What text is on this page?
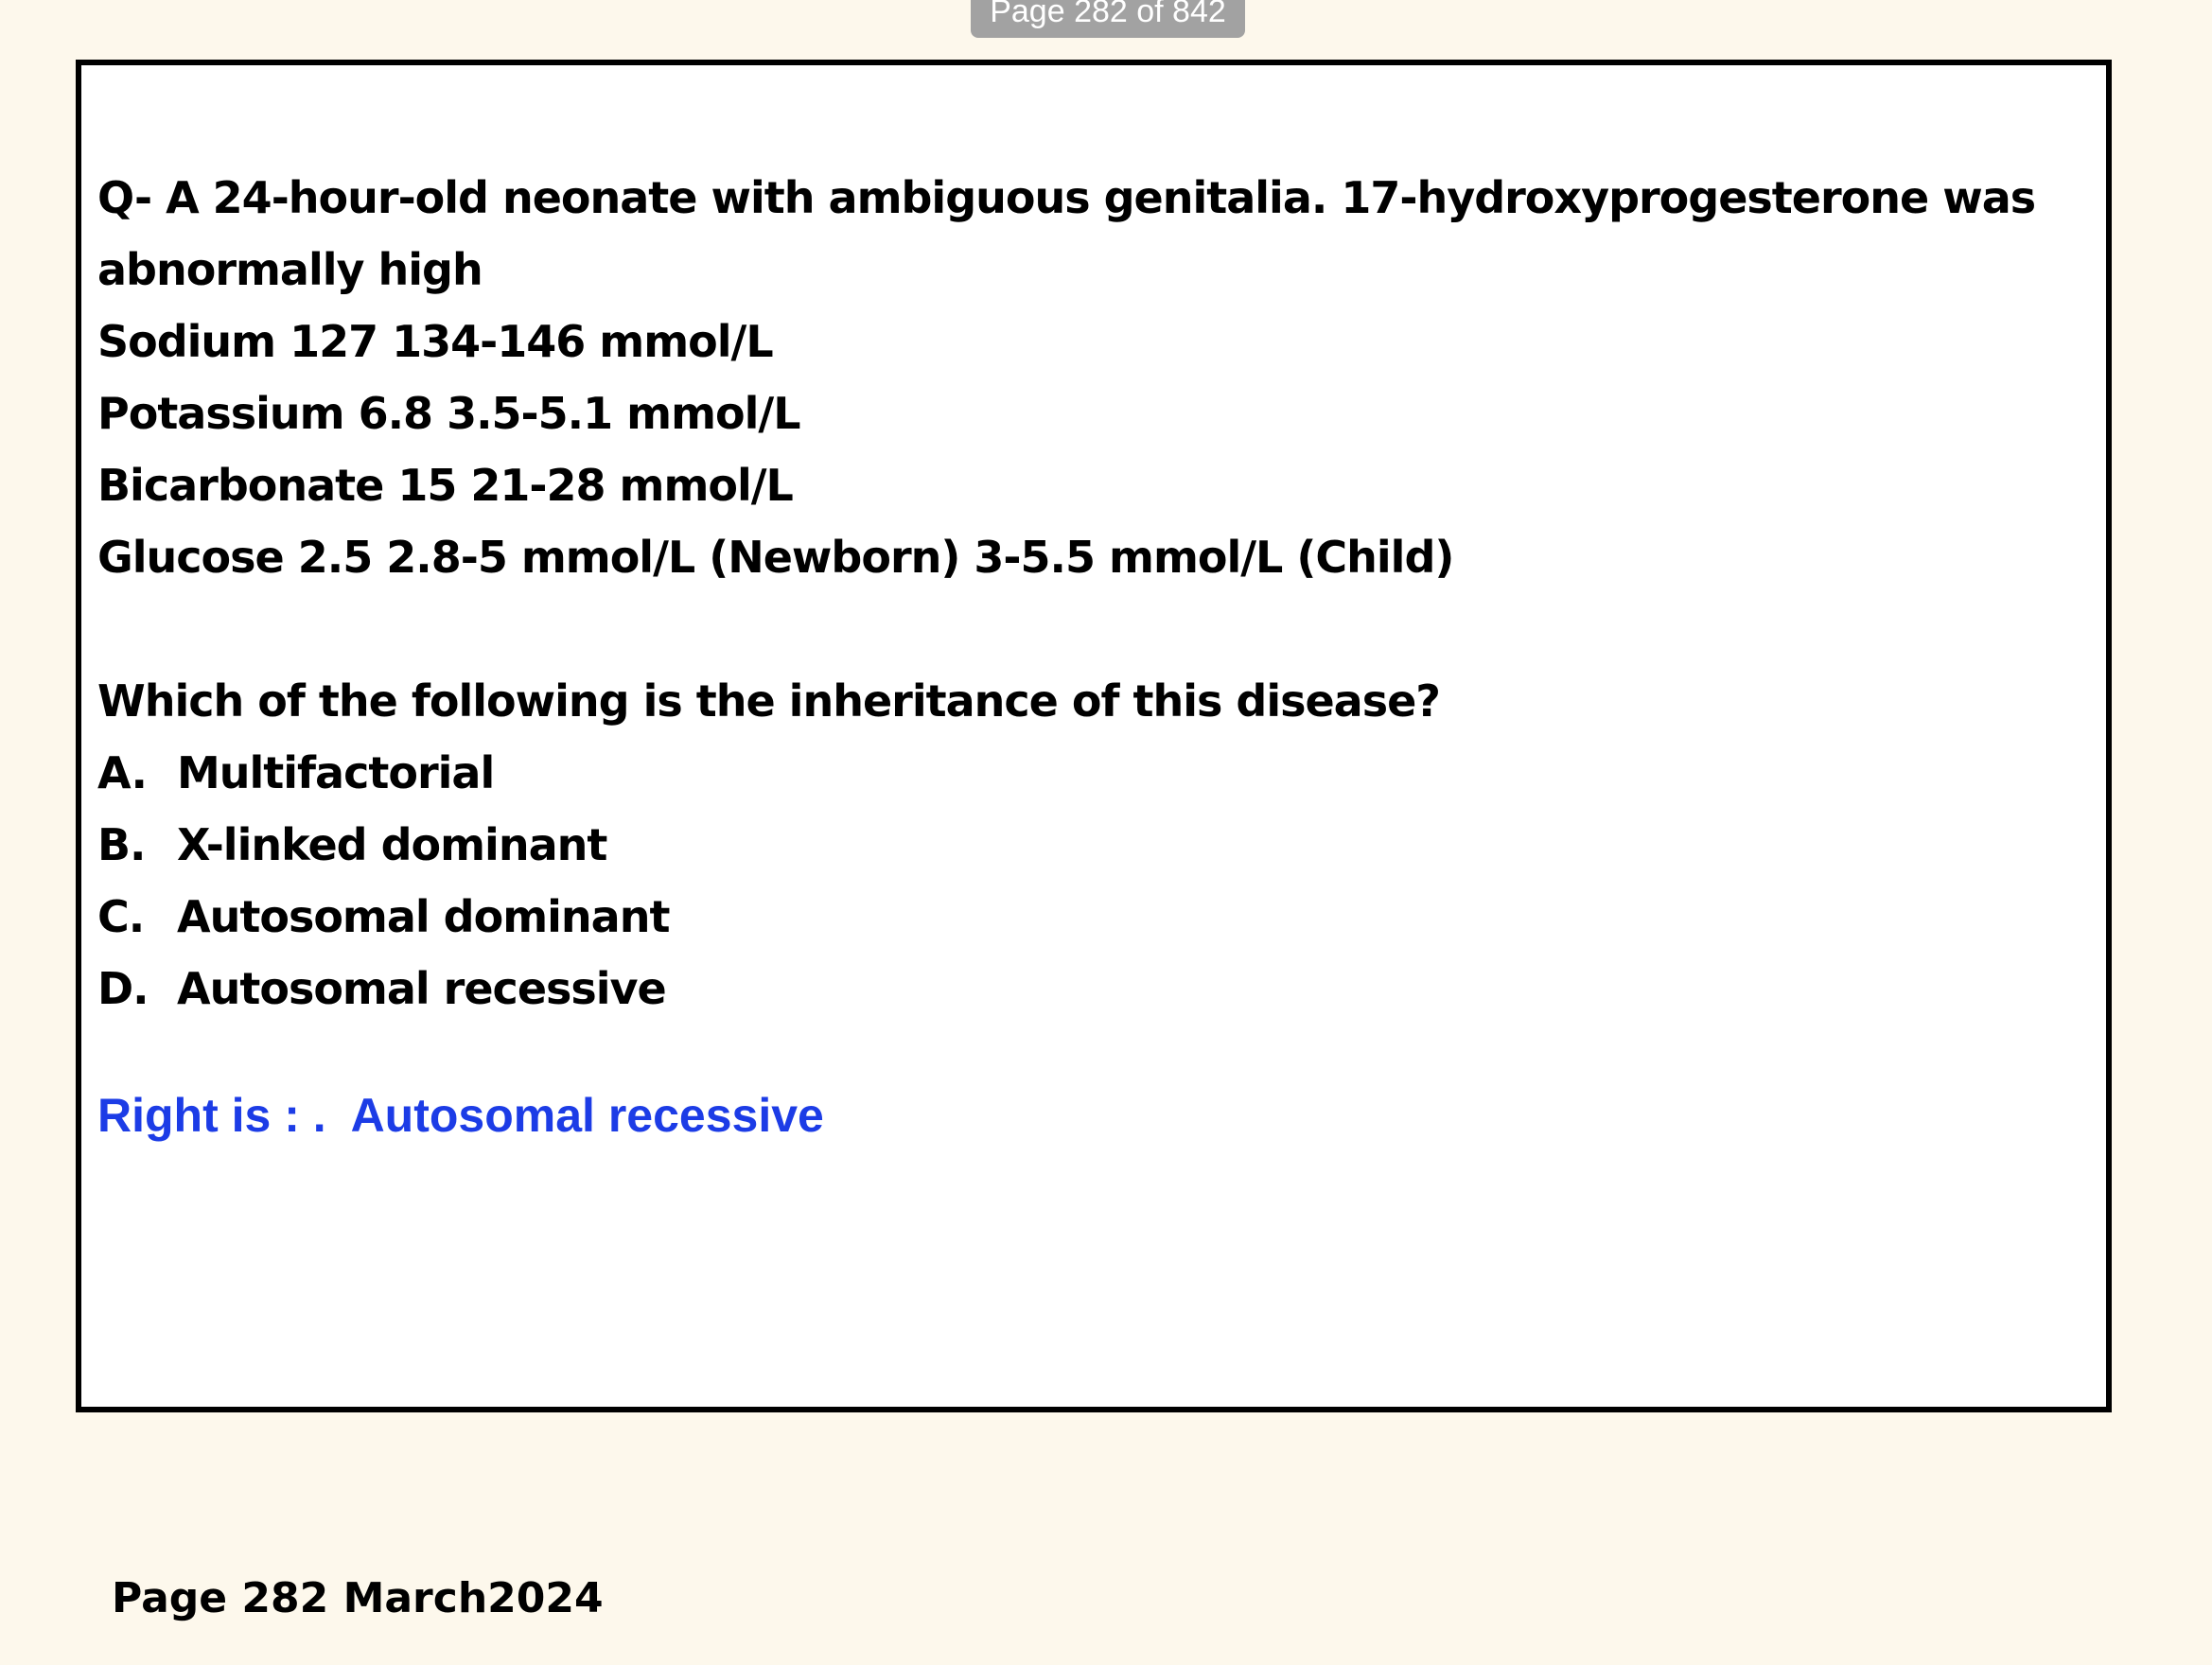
Page 282 of 842
Q- A 24-hour-old neonate with ambiguous genitalia. 17-hydroxyprogesterone was
abnormally high
Sodium 127 134-146 mmol/L
Potassium 6.8 3.5-5.1 mmol/L
Bicarbonate 15 21-28 mmol/L
Glucose 2.5 2.8-5 mmol/L (Newborn) 3-5.5 mmol/L (Child)
Which of the following is the inheritance of this disease?
A. Multifactorial
B. X-linked dominant
C. Autosomal dominant
D. Autosomal recessive
Right is : .  Autosomal recessive
Page 282 March2024
